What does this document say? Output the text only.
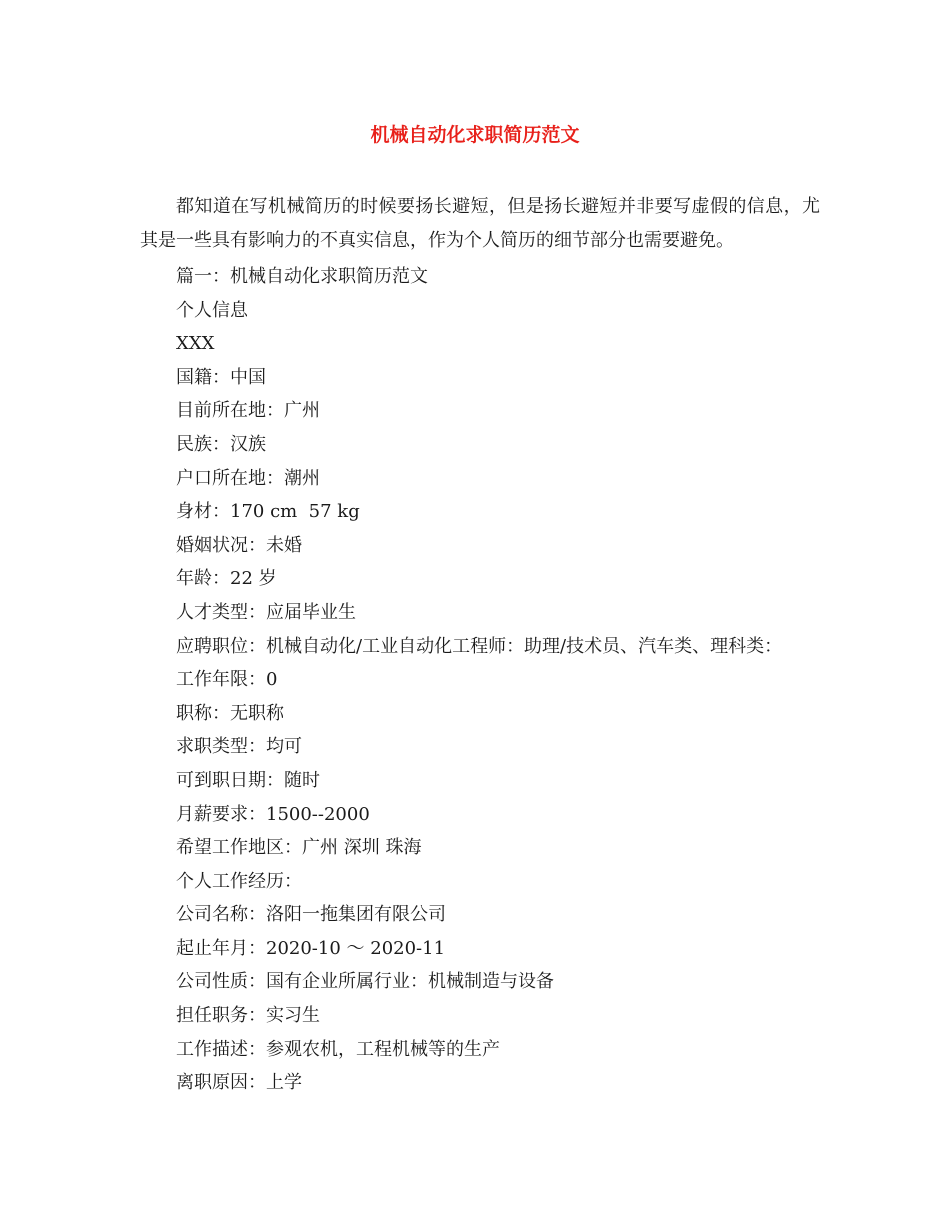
机械自动化求职简历范文
都知道在写机械简历的时候要扬长避短，但是扬长避短并非要写虚假的信息，尤其是一些具有影响力的不真实信息，作为个人简历的细节部分也需要避免。
篇一：机械自动化求职简历范文
个人信息
XXX
国籍：中国
目前所在地：广州
民族：汉族
户口所在地：潮州
身材：170 cm  57 kg
婚姻状况：未婚
年龄：22 岁
人才类型：应届毕业生
应聘职位：机械自动化/工业自动化工程师：助理/技术员、汽车类、理科类：
工作年限：0
职称：无职称
求职类型：均可
可到职日期：随时
月薪要求：1500--2000
希望工作地区：广州 深圳 珠海
个人工作经历：
公司名称：洛阳一拖集团有限公司
起止年月：2020-10 ～ 2020-11
公司性质：国有企业所属行业：机械制造与设备
担任职务：实习生
工作描述：参观农机，工程机械等的生产
离职原因：上学
